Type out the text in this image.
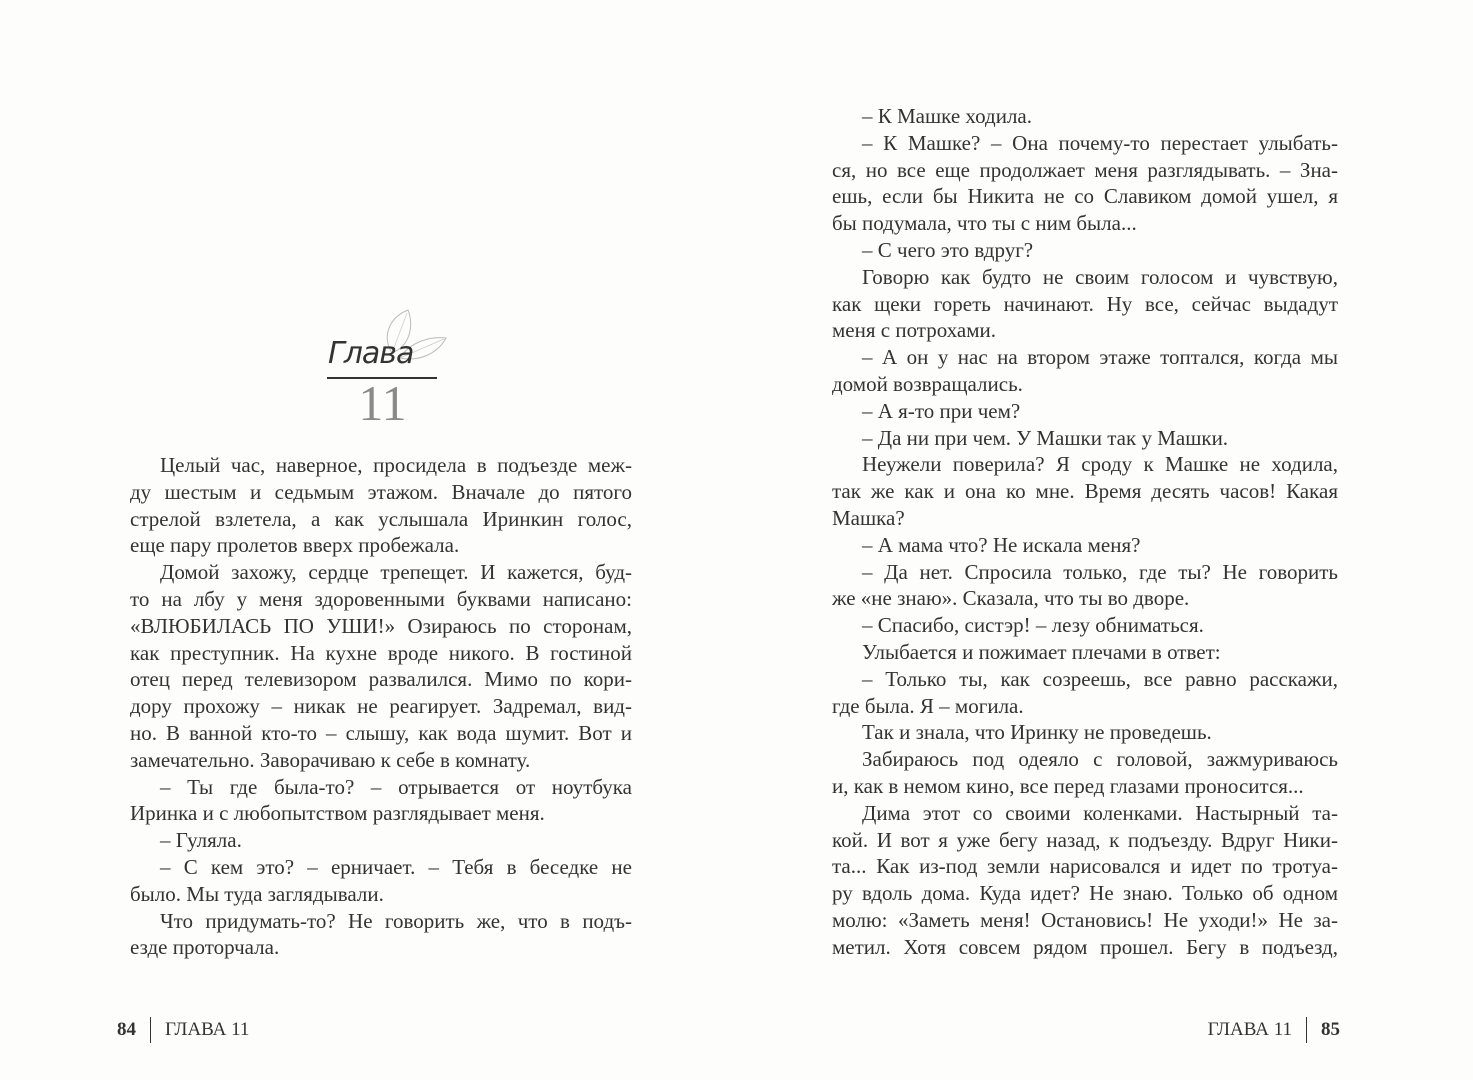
Глава
11
Целый час, наверное, просидела в подъезде меж-
ду шестым и седьмым этажом. Вначале до пятого
стрелой взлетела, а как услышала Иринкин голос,
еще пару пролетов вверх пробежала.
Домой захожу, сердце трепещет. И кажется, буд-
то на лбу у меня здоровенными буквами написано:
«ВЛЮБИЛАСЬ ПО УШИ!» Озираюсь по сторонам,
как преступник. На кухне вроде никого. В гостиной
отец перед телевизором развалился. Мимо по кори-
дору прохожу – никак не реагирует. Задремал, вид-
но. В ванной кто-то – слышу, как вода шумит. Вот и
замечательно. Заворачиваю к себе в комнату.
– Ты где была-то? – отрывается от ноутбука
Иринка и с любопытством разглядывает меня.
– Гуляла.
– С кем это? – ерничает. – Тебя в беседке не
было. Мы туда заглядывали.
Что придумать-то? Не говорить же, что в подъ-
езде проторчала.
– К Машке ходила.
– К Машке? – Она почему-то перестает улыбать-
ся, но все еще продолжает меня разглядывать. – Зна-
ешь, если бы Никита не со Славиком домой ушел, я
бы подумала, что ты с ним была...
– С чего это вдруг?
Говорю как будто не своим голосом и чувствую,
как щеки гореть начинают. Ну все, сейчас выдадут
меня с потрохами.
– А он у нас на втором этаже топтался, когда мы
домой возвращались.
– А я-то при чем?
– Да ни при чем. У Машки так у Машки.
Неужели поверила? Я сроду к Машке не ходила,
так же как и она ко мне. Время десять часов! Какая
Машка?
– А мама что? Не искала меня?
– Да нет. Спросила только, где ты? Не говорить
же «не знаю». Сказала, что ты во дворе.
– Спасибо, систэр! – лезу обниматься.
Улыбается и пожимает плечами в ответ:
– Только ты, как созреешь, все равно расскажи,
где была. Я – могила.
Так и знала, что Иринку не проведешь.
Забираюсь под одеяло с головой, зажмуриваюсь
и, как в немом кино, все перед глазами проносится...
Дима этот со своими коленками. Настырный та-
кой. И вот я уже бегу назад, к подъезду. Вдруг Ники-
та... Как из-под земли нарисовался и идет по тротуа-
ру вдоль дома. Куда идет? Не знаю. Только об одном
молю: «Заметь меня! Остановись! Не уходи!» Не за-
метил. Хотя совсем рядом прошел. Бегу в подъезд,
84 ГЛАВА 11	ГЛАВА 11 85
